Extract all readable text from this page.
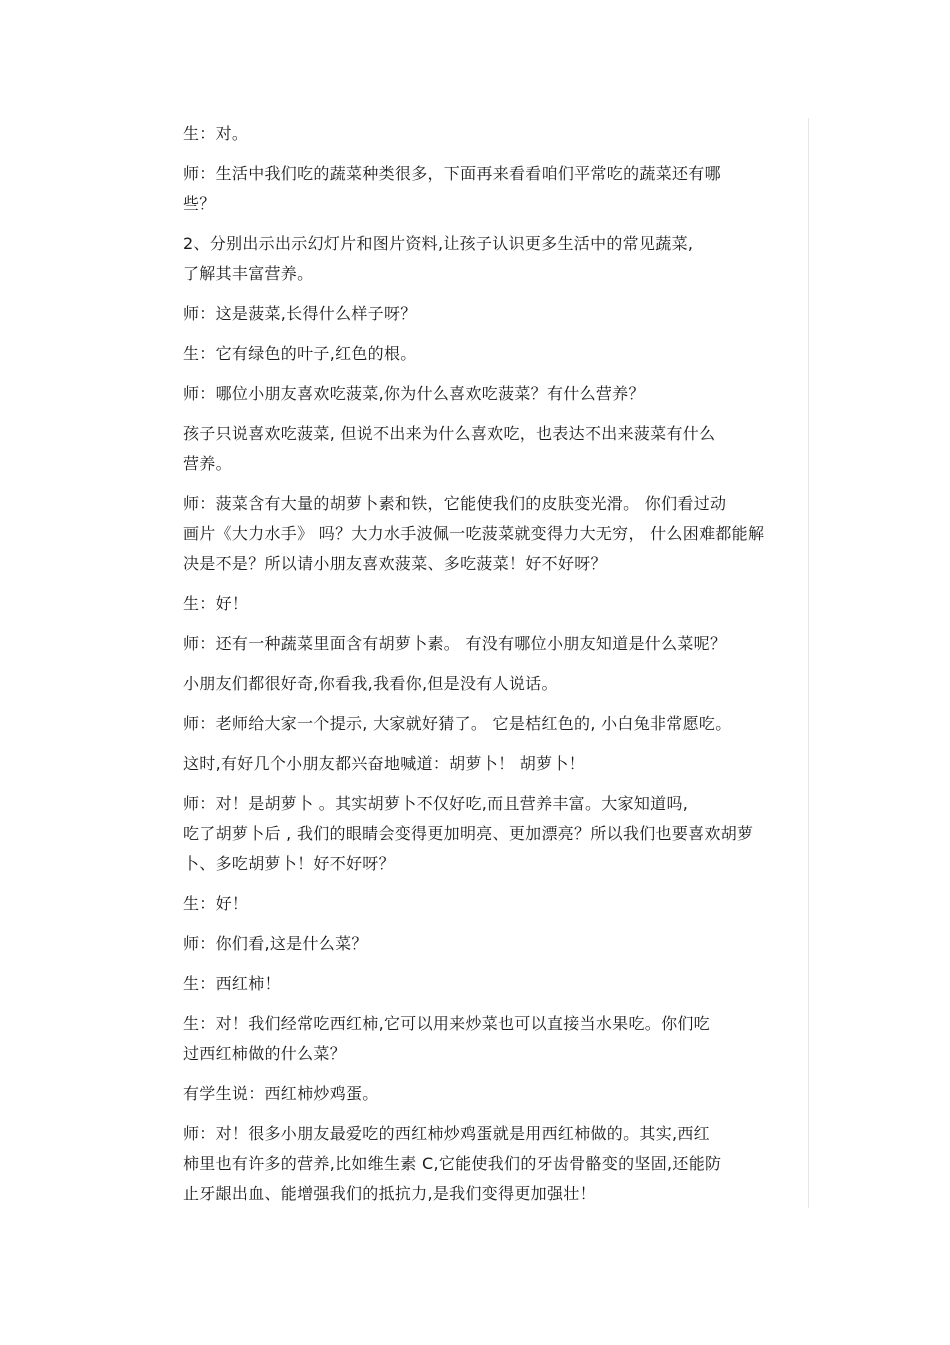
生：对。

师：生活中我们吃的蔬菜种类很多，下面再来看看咱们平常吃的蔬菜还有哪
些？

2、分别出示出示幻灯片和图片资料,让孩子认识更多生活中的常见蔬菜,
了解其丰富营养。

师：这是菠菜,长得什么样子呀？

生：它有绿色的叶子,红色的根。

师：哪位小朋友喜欢吃菠菜,你为什么喜欢吃菠菜？有什么营养？

孩子只说喜欢吃菠菜, 但说不出来为什么喜欢吃，也表达不出来菠菜有什么
营养。

师：菠菜含有大量的胡萝卜素和铁，它能使我们的皮肤变光滑。 你们看过动
画片《大力水手》 吗？大力水手波佩一吃菠菜就变得力大无穷， 什么困难都能解
决是不是？所以请小朋友喜欢菠菜、多吃菠菜！好不好呀？

生：好！

师：还有一种蔬菜里面含有胡萝卜素。 有没有哪位小朋友知道是什么菜呢？

小朋友们都很好奇,你看我,我看你,但是没有人说话。

师：老师给大家一个提示, 大家就好猜了。 它是桔红色的, 小白兔非常愿吃。

这时,有好几个小朋友都兴奋地喊道：胡萝卜！ 胡萝卜！

师：对！是胡萝卜 。其实胡萝卜不仅好吃,而且营养丰富。大家知道吗,
吃了胡萝卜后 , 我们的眼睛会变得更加明亮、更加漂亮？所以我们也要喜欢胡萝
卜、多吃胡萝卜！好不好呀？

生：好！

师：你们看,这是什么菜？

生：西红柿！

生：对！我们经常吃西红柿,它可以用来炒菜也可以直接当水果吃。你们吃
过西红柿做的什么菜？

有学生说：西红柿炒鸡蛋。

师：对！很多小朋友最爱吃的西红柿炒鸡蛋就是用西红柿做的。其实,西红
柿里也有许多的营养,比如维生素 C,它能使我们的牙齿骨骼变的坚固,还能防
止牙龈出血、能增强我们的抵抗力,是我们变得更加强壮！
